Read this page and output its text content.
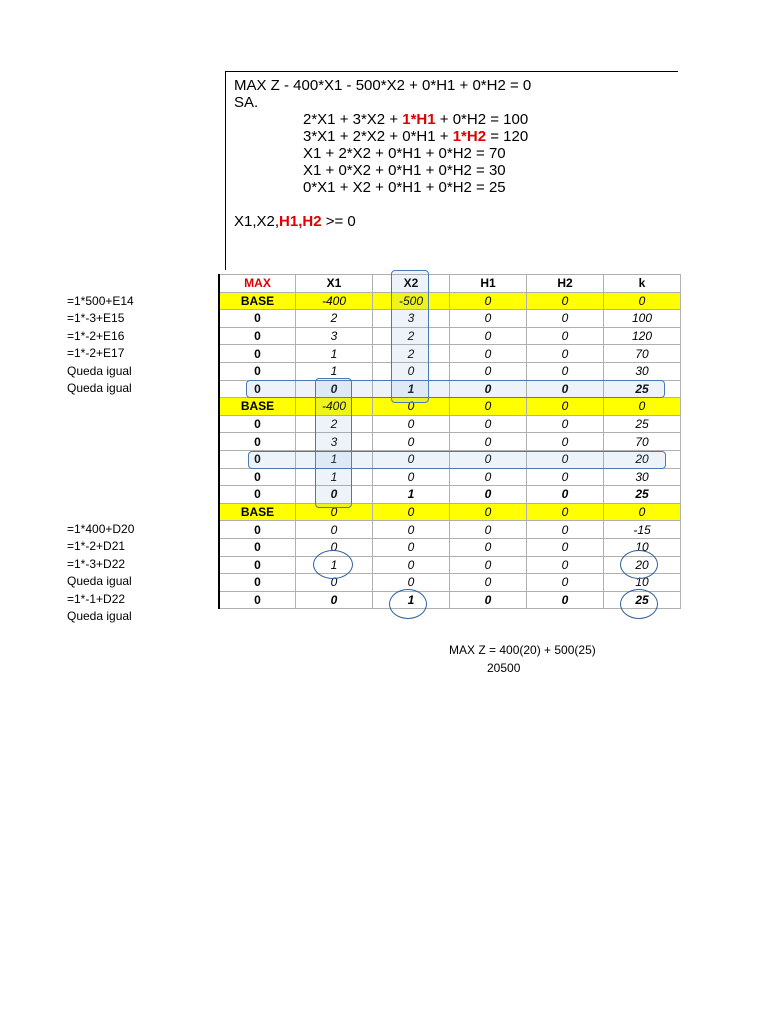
MAX Z - 400*X1 - 500*X2 + 0*H1 + 0*H2 = 0
SA.
2*X1 + 3*X2 + 1*H1 + 0*H2 = 100
3*X1 + 2*X2 + 0*H1 + 1*H2 = 120
X1 + 2*X2 + 0*H1 + 0*H2 = 70
X1 + 0*X2 + 0*H1 + 0*H2 = 30
0*X1 + X2 + 0*H1 + 0*H2 = 25
X1,X2,H1,H2 >= 0
=1*500+E14
=1*-3+E15
=1*-2+E16
=1*-2+E17
Queda igual
Queda igual
=1*400+D20
=1*-2+D21
=1*-3+D22
Queda igual
=1*-1+D22
Queda igual
MAX	X1	X2	H1	H2	k
BASE	-400	-500	0	0	0
0	2	3	0	0	100
0	3	2	0	0	120
0	1	2	0	0	70
0	1	0	0	0	30
0	0	1	0	0	25
BASE	-400	0	0	0	0
0	2	0	0	0	25
0	3	0	0	0	70
0	1	0	0	0	20
0	1	0	0	0	30
0	0	1	0	0	25
BASE	0	0	0	0	0
0	0	0	0	0	-15
0	0	0	0	0	10
0	1	0	0	0	20
0	0	0	0	0	10
0	0	1	0	0	25
MAX Z = 400(20) + 500(25)
20500
